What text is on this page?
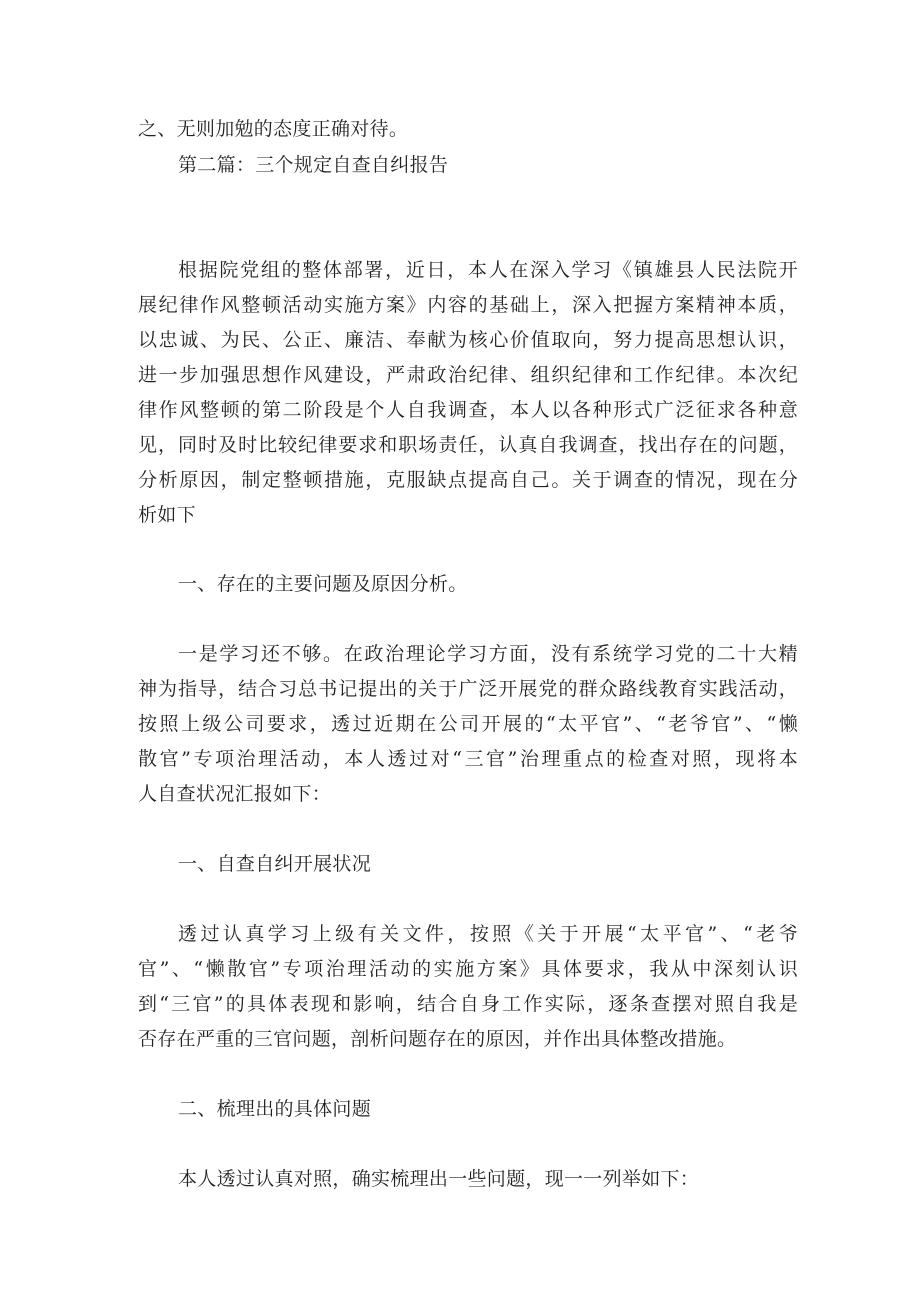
之、无则加勉的态度正确对待。
第二篇：三个规定自查自纠报告
根据院党组的整体部署，近日，本人在深入学习《镇雄县人民法院开
展纪律作风整顿活动实施方案》内容的基础上，深入把握方案精神本质，
以忠诚、为民、公正、廉洁、奉献为核心价值取向，努力提高思想认识，
进一步加强思想作风建设，严肃政治纪律、组织纪律和工作纪律。本次纪
律作风整顿的第二阶段是个人自我调查，本人以各种形式广泛征求各种意
见，同时及时比较纪律要求和职场责任，认真自我调查，找出存在的问题，
分析原因，制定整顿措施，克服缺点提高自己。关于调查的情况，现在分
析如下
一、存在的主要问题及原因分析。
一是学习还不够。在政治理论学习方面，没有系统学习党的二十大精
神为指导，结合习总书记提出的关于广泛开展党的群众路线教育实践活动，
按照上级公司要求，透过近期在公司开展的“太平官”、“老爷官”、“懒
散官”专项治理活动，本人透过对“三官”治理重点的检查对照，现将本
人自查状况汇报如下：
一、自查自纠开展状况
透过认真学习上级有关文件，按照《关于开展“太平官”、“老爷
官”、“懒散官”专项治理活动的实施方案》具体要求，我从中深刻认识
到“三官”的具体表现和影响，结合自身工作实际，逐条查摆对照自我是
否存在严重的三官问题，剖析问题存在的原因，并作出具体整改措施。
二、梳理出的具体问题
本人透过认真对照，确实梳理出一些问题，现一一列举如下：
